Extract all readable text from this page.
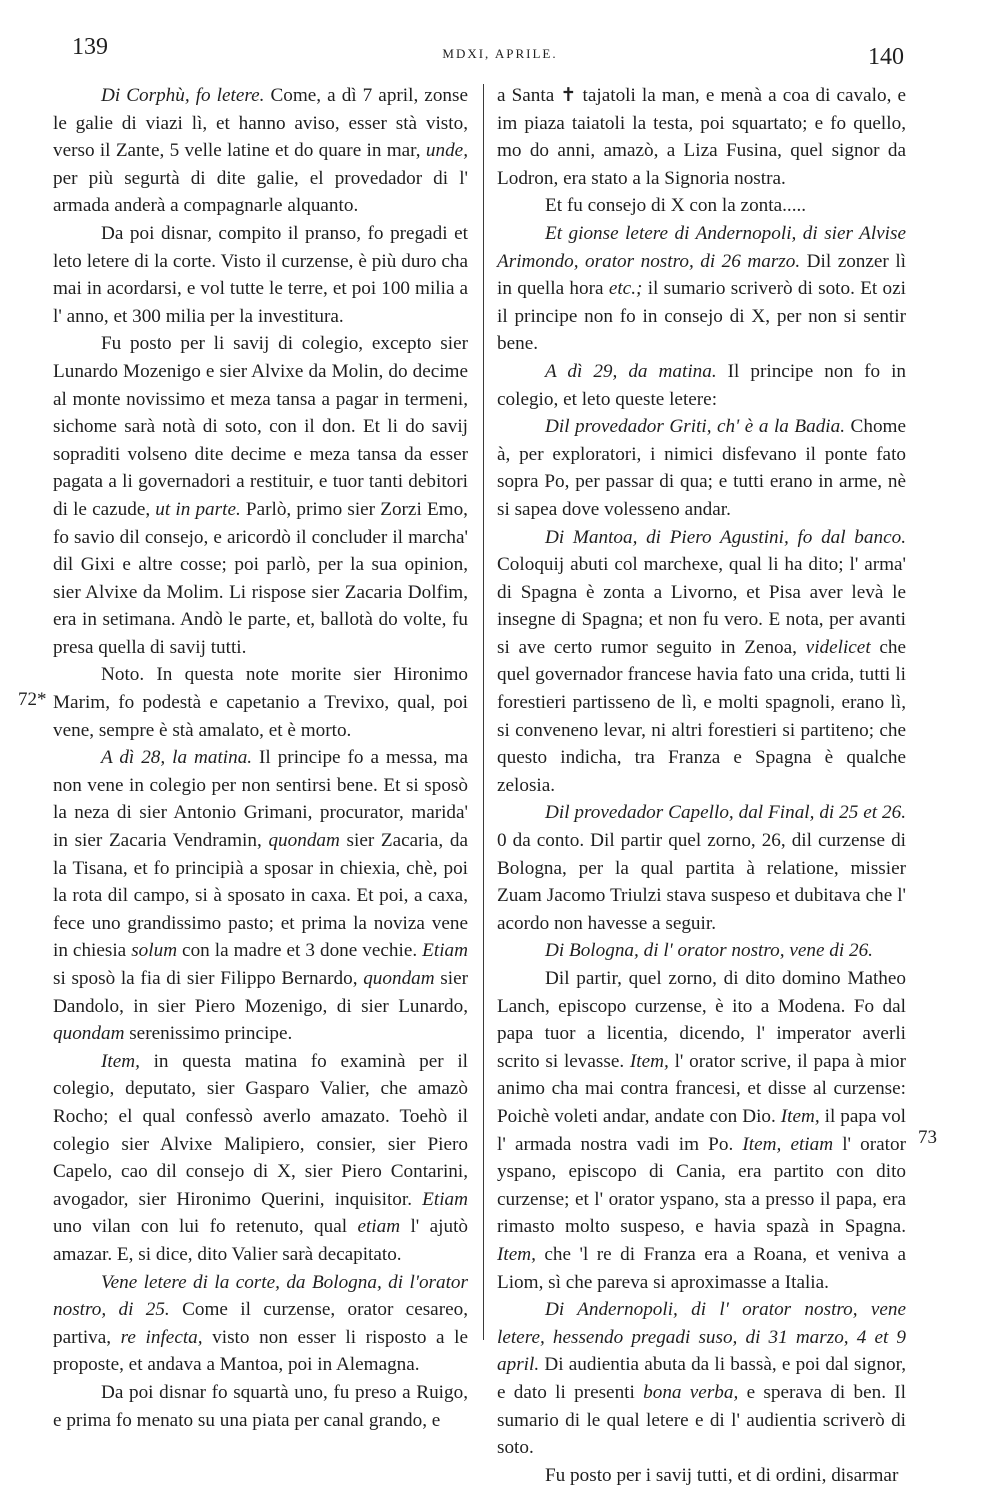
139	MDXI, APRILE.	140
72*
73

Di Corphù, fo letere. Come, a dì 7 april, zonse le galie di viazi lì, et hanno aviso, esser stà visto, verso il Zante, 5 velle latine et do quare in mar, unde, per più segurtà di dite galie, el provedador di l' armada anderà a compagnarle alquanto.

Da poi disnar, compito il pranso, fo pregadi et leto letere di la corte. Visto il curzense, è più duro cha mai in acordarsi, e vol tutte le terre, et poi 100 milia a l' anno, et 300 milia per la investitura.

Fu posto per li savij di colegio, excepto sier Lunardo Mozenigo e sier Alvixe da Molin, do decime al monte novissimo et meza tansa a pagar in termeni, sichome sarà notà di soto, con il don. Et li do savij sopraditi volseno dite decime e meza tansa da esser pagata a li governadori a restituir, e tuor tanti debitori di le cazude, ut in parte. Parlò, primo sier Zorzi Emo, fo savio dil consejo, e aricordò il concluder il marcha' dil Gixi e altre cosse; poi parlò, per la sua opinion, sier Alvixe da Molim. Li rispose sier Zacaria Dolfim, era in setimana. Andò le parte, et, ballotà do volte, fu presa quella di savij tutti.

Noto. In questa note morite sier Hironimo Marim, fo podestà e capetanio a Trevixo, qual, poi vene, sempre è stà amalato, et è morto.

A dì 28, la matina. Il principe fo a messa, ma non vene in colegio per non sentirsi bene. Et si sposò la neza di sier Antonio Grimani, procurator, marida' in sier Zacaria Vendramin, quondam sier Zacaria, da la Tisana, et fo principià a sposar in chiexia, chè, poi la rota dil campo, si à sposato in caxa. Et poi, a caxa, fece uno grandissimo pasto; et prima la noviza vene in chiesia solum con la madre et 3 done vechie. Etiam si sposò la fia di sier Filippo Bernardo, quondam sier Dandolo, in sier Piero Mozenigo, di sier Lunardo, quondam serenissimo principe.

Item, in questa matina fo examinà per il colegio, deputato, sier Gasparo Valier, che amazò Rocho; el qual confessò averlo amazato. Toehò il colegio sier Alvixe Malipiero, consier, sier Piero Capelo, cao dil consejo di X, sier Piero Contarini, avogador, sier Hironimo Querini, inquisitor. Etiam uno vilan con lui fo retenuto, qual etiam l' ajutò amazar. E, si dice, dito Valier sarà decapitato.

Vene letere di la corte, da Bologna, di l'orator nostro, di 25. Come il curzense, orator cesareo, partiva, re infecta, visto non esser li risposto a le proposte, et andava a Mantoa, poi in Alemagna.

Da poi disnar fo squartà uno, fu preso a Ruigo, e prima fo menato su una piata per canal grando, e

a Santa ✝ tajatoli la man, e menà a coa di cavalo, e im piaza taiatoli la testa, poi squartato; e fo quello, mo do anni, amazò, a Liza Fusina, quel signor da Lodron, era stato a la Signoria nostra.

Et fu consejo di X con la zonta.....

Et gionse letere di Andernopoli, di sier Alvise Arimondo, orator nostro, di 26 marzo. Dil zonzer lì in quella hora etc.; il sumario scriverò di soto. Et ozi il principe non fo in consejo di X, per non si sentir bene.

A dì 29, da matina. Il principe non fo in colegio, et leto queste letere:

Dil provedador Griti, ch' è a la Badia. Chome à, per exploratori, i nimici disfevano il ponte fato sopra Po, per passar di qua; e tutti erano in arme, nè si sapea dove volesseno andar.

Di Mantoa, di Piero Agustini, fo dal banco. Coloquij abuti col marchexe, qual li ha dito; l' arma' di Spagna è zonta a Livorno, et Pisa aver levà le insegne di Spagna; et non fu vero. E nota, per avanti si ave certo rumor seguito in Zenoa, videlicet che quel governador francese havia fato una crida, tutti li forestieri partisseno de lì, e molti spagnoli, erano lì, si conveneno levar, ni altri forestieri si partiteno; che questo indicha, tra Franza e Spagna è qualche zelosia.

Dil provedador Capello, dal Final, di 25 et 26. 0 da conto. Dil partir quel zorno, 26, dil curzense di Bologna, per la qual partita à relatione, missier Zuam Jacomo Triulzi stava suspeso et dubitava che l' acordo non havesse a seguir.

Di Bologna, di l' orator nostro, vene di 26.

Dil partir, quel zorno, di dito domino Matheo Lanch, episcopo curzense, è ito a Modena. Fo dal papa tuor a licentia, dicendo, l' imperator averli scrito si levasse. Item, l' orator scrive, il papa à mior animo cha mai contra francesi, et disse al curzense: Poichè voleti andar, andate con Dio. Item, il papa vol l' armada nostra vadi im Po. Item, etiam l' orator yspano, episcopo di Cania, era partito con dito curzense; et l' orator yspano, sta a presso il papa, era rimasto molto suspeso, e havia spazà in Spagna. Item, che 'l re di Franza era a Roana, et veniva a Liom, sì che pareva si aproximasse a Italia.

Di Andernopoli, di l' orator nostro, vene letere, hessendo pregadi suso, di 31 marzo, 4 et 9 april. Di audientia abuta da li bassà, e poi dal signor, e dato li presenti bona verba, e sperava di ben. Il sumario di le qual letere e di l' audientia scriverò di soto.

Fu posto per i savij tutti, et di ordini, disarmar
